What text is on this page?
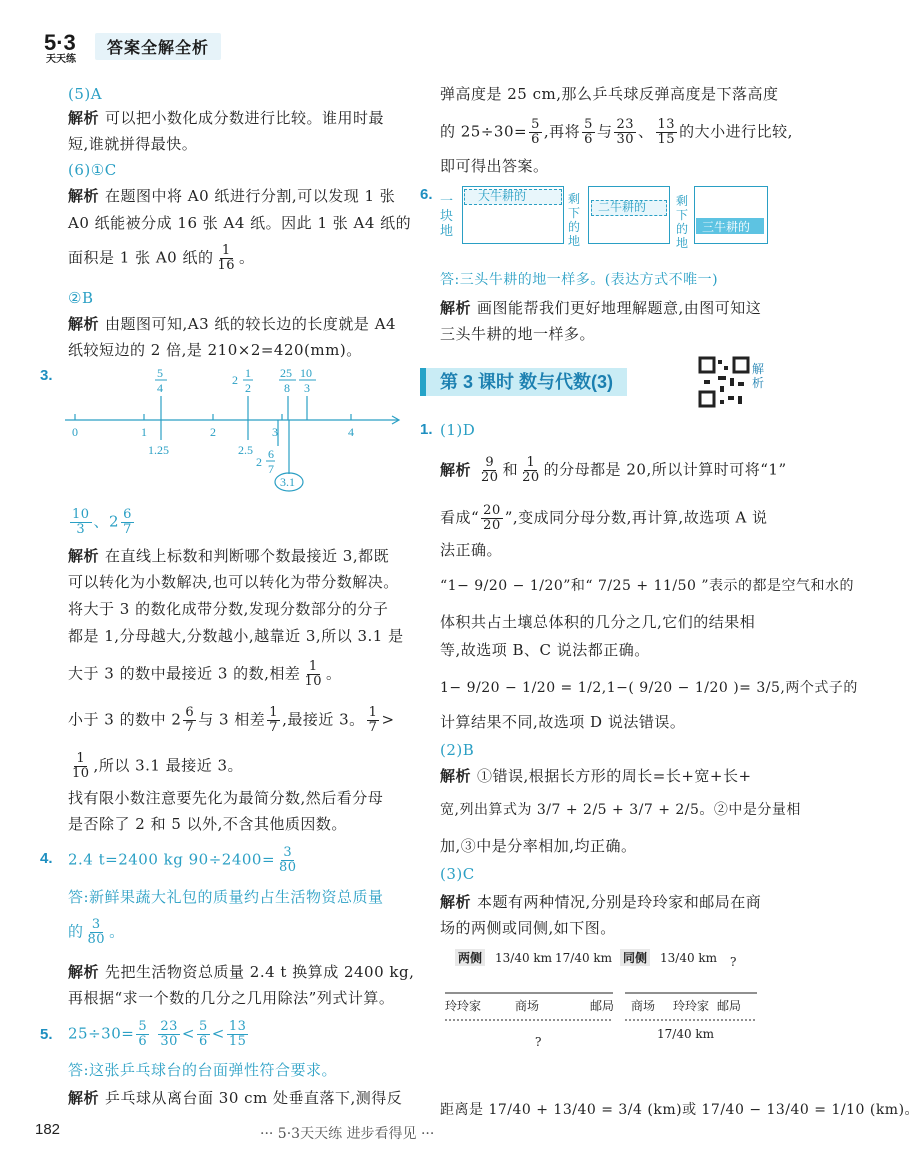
5·3
天天练
答案全解全析
(5)A
解析 可以把小数化成分数进行比较。谁用时最
短,谁就拼得最快。
(6)①C
解析 在题图中将 A0 纸进行分割,可以发现 1 张
A0 纸能被分成 16 张 A4 纸。因此 1 张 A4 纸的
面积是 1 张 A0 纸的 $\frac{1}{16}$ 。
②B
解析 由题图可知,A3 纸的较长边的长度就是 A4
纸较短边的 2 倍,是 210×2=420(mm)。
3.
0	1	2	3	4
5
4
2 1
2
25
8
10
3
1.25	2.5
2
6
7
3.1
$\frac{10}{3}$ 、$2 \frac{6}{7}$
解析 在直线上标数和判断哪个数最接近 3,都既
可以转化为小数解决,也可以转化为带分数解决。
将大于 3 的数化成带分数,发现分数部分的分子
都是 1,分母越大,分数越小,越靠近 3,所以 3.1 是
大于 3 的数中最接近 3 的数,相差 $\frac{1}{10}$ 。
小于 3 的数中 $2 \frac{6}{7}$ 与 3 相差 $\frac{1}{7}$ ,最接近 3。 $\frac{1}{7}$ >
$\frac{1}{10}$ ,所以 3.1 最接近 3。
找有限小数注意要先化为最简分数,然后看分母
是否除了 2 和 5 以外,不含其他质因数。
4. 2.4 t=2400 kg $90\div 2400= \frac{3}{80}$
答:新鲜果蔬大礼包的质量约占生活物资总质量
的 $\frac{3}{80}$ 。
解析 先把生活物资总质量 2.4 t 换算成 2400 kg,
再根据“求一个数的几分之几用除法”列式计算。
5. $25\div 30= \frac{5}{6}$
$\frac{23}{30} < \frac{5}{6} < \frac{13}{15}$
答:这张乒乓球台的台面弹性符合要求。
解析 乒乓球从离台面 30 cm 处垂直落下,测得反
弹高度是 25 cm,那么乒乓球反弹高度是下落高度
的 $25\div 30= \frac{5}{6}$ ,再将 $\frac{5}{6}$ 与 $\frac{23}{30}$ 、 $\frac{13}{15}$ 的大小进行比较,
即可得出答案。
6. 一块地
大牛耕的	剩下的地
二牛耕的 剩下的地
三牛耕的
答:三头牛耕的地一样多。(表达方式不唯一)
解析 画图能帮我们更好地理解题意,由图可知这
三头牛耕的地一样多。
第 3 课时 数与代数(3)
解析
1. (1)D
解析 $\frac{9}{20}$ 和 $\frac{1}{20}$ 的分母都是 20,所以计算时可将“1”
看成“ $\frac{20}{20}$ ”,变成同分母分数,再计算,故选项 A 说
法正确。
“1− 9/20 − 1/20”和“ 7/25 + 11/50 ”表示的都是空气和水的
体积共占土壤总体积的几分之几,它们的结果相
等,故选项 B、C 说法都正确。
1− 9/20 − 1/20 = 1/2,1−( 9/20 − 1/20 )= 3/5,两个式子的
计算结果不同,故选项 D 说法错误。
(2)B
解析 ①错误,根据长方形的周长=长+宽+长+
宽,列出算式为 3/7 + 2/5 + 3/7 + 2/5。②中是分量相
加,③中是分率相加,均正确。
(3)C
解析 本题有两种情况,分别是玲玲家和邮局在商
场的两侧或同侧,如下图。
两侧 13/40 km 17/40 km
玲玲家	商场	邮局
?
同侧 13/40 km ?
商场 玲玲家 邮局
17/40 km
距离是 17/40 + 13/40 = 3/4 (km)或 17/40 − 13/40 = 1/10 (km)。
182	··· 5·3天天练 进步看得见 ···
